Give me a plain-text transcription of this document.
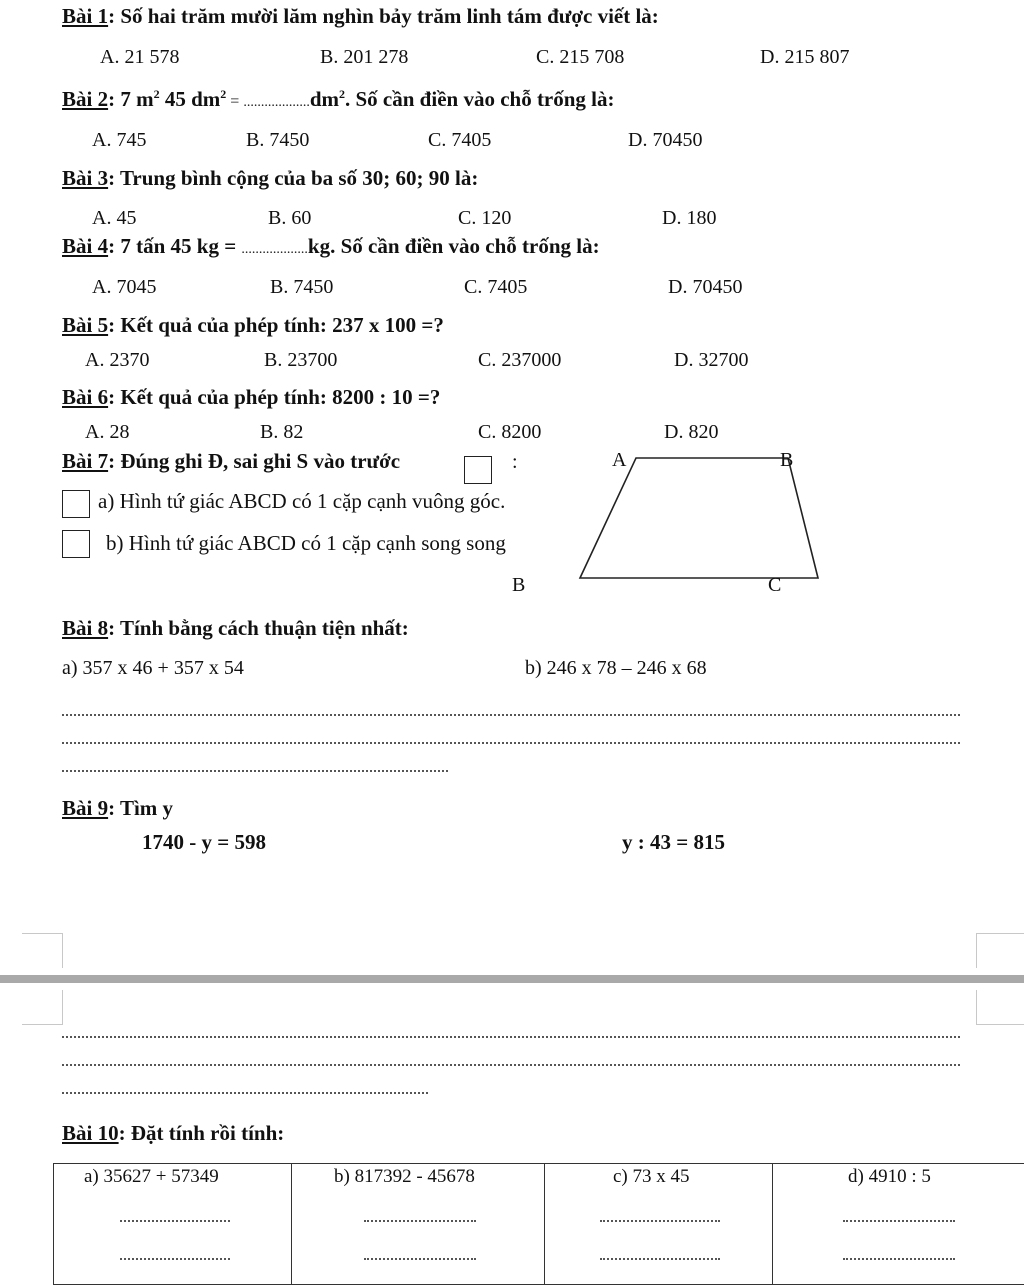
Bài 1: Số hai trăm mười lăm nghìn bảy trăm linh tám được viết là:
A. 21 578	B. 201 278	C. 215 708	D. 215 807
Bài 2: 7 $m^2$ 45 $dm^2 = ...................dm^2$. Số cần điền vào chỗ trống là:
A. 745	B. 7450	C. 7405	D. 70450
Bài 3: Trung bình cộng của ba số 30; 60; 90 là:
A. 45	B. 60	C. 120	D. 180
Bài 4: 7 tấn 45 kg = ...................kg. Số cần điền vào chỗ trống là:
A. 7045	B. 7450	C. 7405	D. 70450
Bài 5: Kết quả của phép tính: 237 x 100 =?
A. 2370	B. 23700	C. 237000	D. 32700
Bài 6: Kết quả của phép tính: 8200 : 10 =?
A. 28	B. 82	C. 8200	D. 820
Bài 7: Đúng ghi Đ, sai ghi S vào trước	:
a) Hình tứ giác ABCD có 1 cặp cạnh vuông góc.
b) Hình tứ giác ABCD có 1 cặp cạnh song song
A	B
B	C
Bài 8: Tính bằng cách thuận tiện nhất:
a) 357 x 46 + 357 x 54	b) 246 x 78 – 246 x 68
Bài 9: Tìm y
1740 - y = 598	y : 43 = 815
Bài 10: Đặt tính rồi tính:
a) 35627 + 57349	b) 817392 - 45678	c) 73 x 45	d) 4910 : 5
